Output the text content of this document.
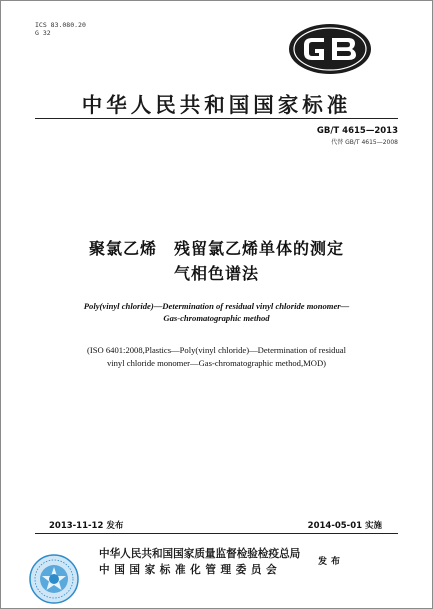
ICS 83.080.20
G 32
中华人民共和国国家标准
GB/T 4615—2013
代替 GB/T 4615—2008
聚氯乙烯　残留氯乙烯单体的测定
气相色谱法
Poly(vinyl chloride)—Determination of residual vinyl chloride monomer—
Gas-chromatographic method
(ISO 6401:2008,Plastics—Poly(vinyl chloride)—Determination of residual
vinyl chloride monomer—Gas-chromatographic method,MOD)
2013-11-12 发布	2014-05-01 实施
中华人民共和国国家质量监督检验检疫总局
中国国家标准化管理委员会
发布
